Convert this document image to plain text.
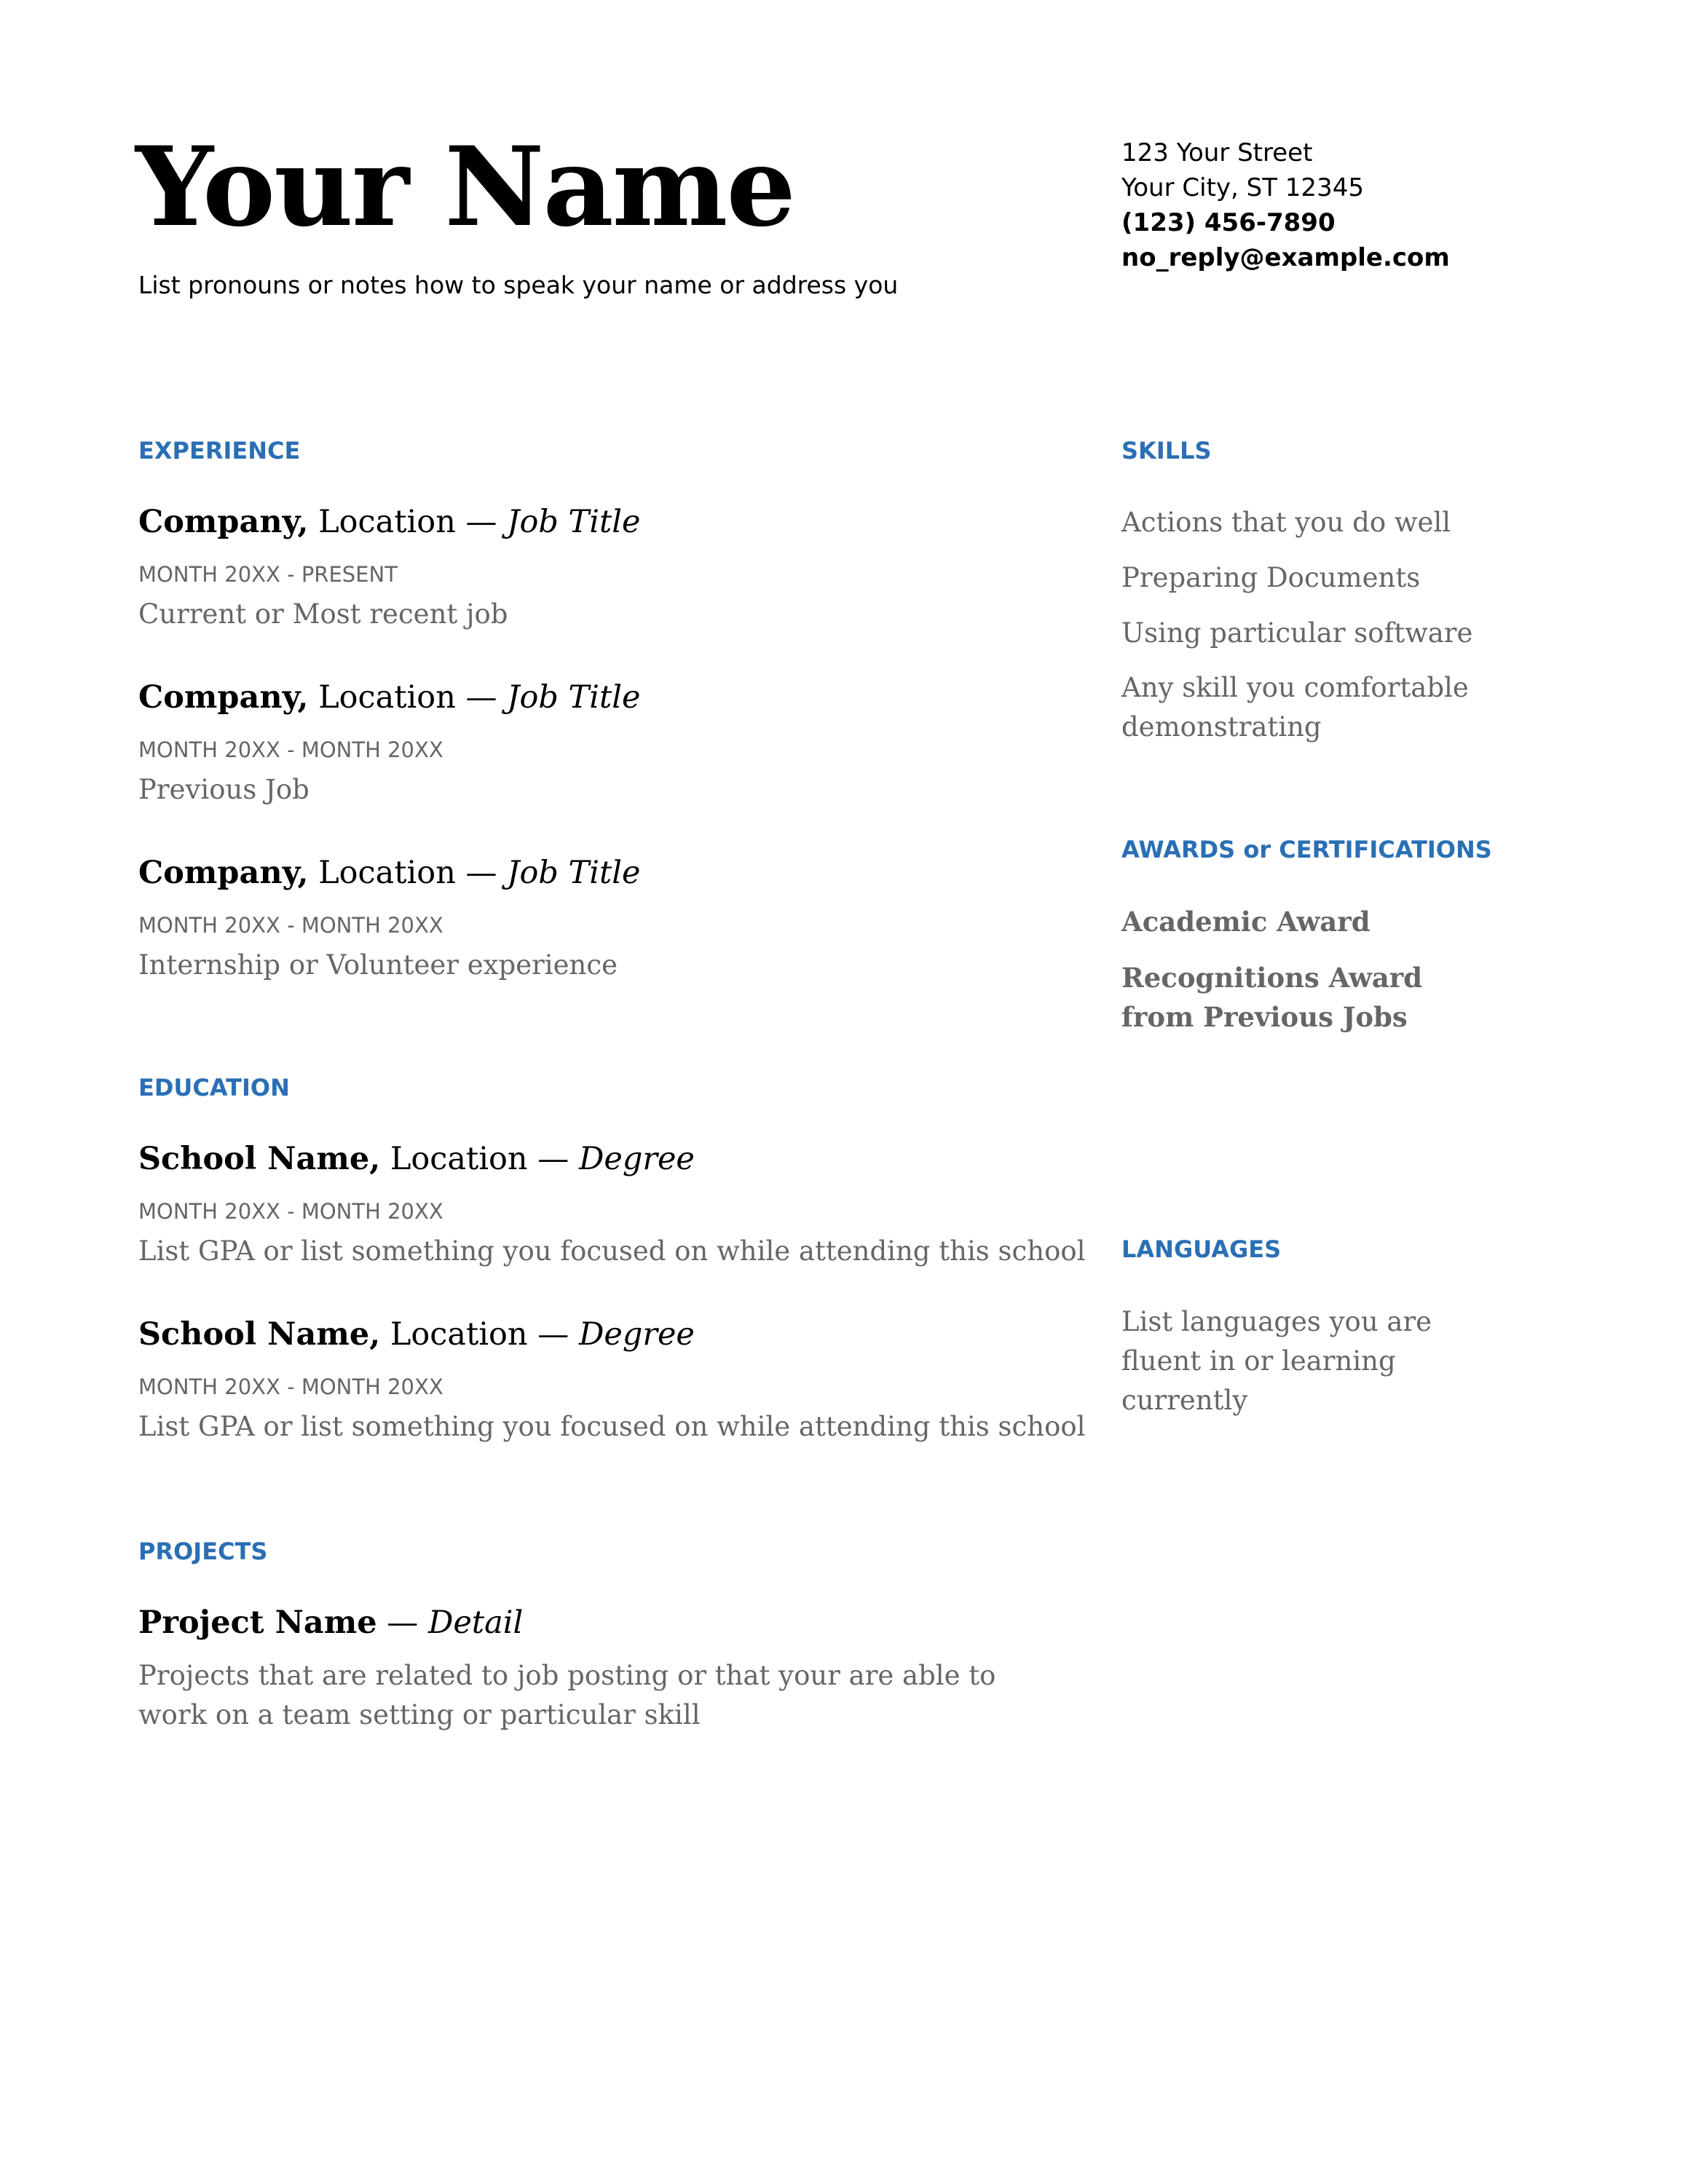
Your Name
List pronouns or notes how to speak your name or address you
123 Your Street
Your City, ST 12345
(123) 456-7890
no_reply@example.com
EXPERIENCE
Company, Location — Job Title
MONTH 20XX - PRESENT
Current or Most recent job
Company, Location — Job Title
MONTH 20XX - MONTH 20XX
Previous Job
Company, Location — Job Title
MONTH 20XX - MONTH 20XX
Internship or Volunteer experience
EDUCATION
School Name, Location — Degree
MONTH 20XX - MONTH 20XX
List GPA or list something you focused on while attending this school
School Name, Location — Degree
MONTH 20XX - MONTH 20XX
List GPA or list something you focused on while attending this school
PROJECTS
Project Name — Detail
Projects that are related to job posting or that your are able to work on a team setting or particular skill
SKILLS
Actions that you do well
Preparing Documents
Using particular software
Any skill you comfortable demonstrating
AWARDS or CERTIFICATIONS
Academic Award
Recognitions Award from Previous Jobs
LANGUAGES
List languages you are fluent in or learning currently
